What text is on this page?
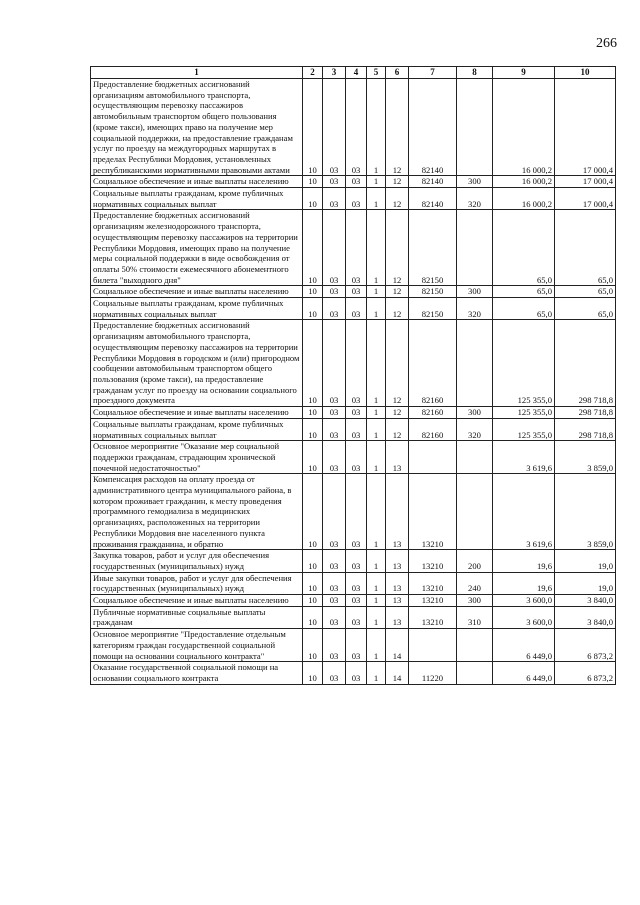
266
1	2	3	4	5	6	7	8	9	10
Предоставление бюджетных ассигнований организациям автомобильного транспорта, осуществляющим перевозку пассажиров автомобильным транспортом общего пользования (кроме такси), имеющих право на получение мер социальной поддержки, на предоставление гражданам услуг по проезду на междугородных маршрутах в пределах Республики Мордовия, установленных республиканскими нормативными правовыми актами	10	03	03	1	12	82140		16 000,2	17 000,4
Социальное обеспечение и иные выплаты населению	10	03	03	1	12	82140	300	16 000,2	17 000,4
Социальные выплаты гражданам, кроме публичных нормативных социальных выплат	10	03	03	1	12	82140	320	16 000,2	17 000,4
Предоставление бюджетных ассигнований организациям железнодорожного транспорта, осуществляющим перевозку пассажиров на территории Республики Мордовия, имеющих право на получение меры социальной поддержки в виде освобождения от оплаты 50% стоимости ежемесячного абонементного билета "выходного дня"	10	03	03	1	12	82150		65,0	65,0
Социальное обеспечение и иные выплаты населению	10	03	03	1	12	82150	300	65,0	65,0
Социальные выплаты гражданам, кроме публичных нормативных социальных выплат	10	03	03	1	12	82150	320	65,0	65,0
Предоставление бюджетных ассигнований организациям автомобильного транспорта, осуществляющим перевозку пассажиров на территории Республики Мордовия в городском и (или) пригородном сообщении автомобильным транспортом общего пользования (кроме такси), на предоставление гражданам услуг по проезду на основании социального проездного документа	10	03	03	1	12	82160		125 355,0	298 718,8
Социальное обеспечение и иные выплаты населению	10	03	03	1	12	82160	300	125 355,0	298 718,8
Социальные выплаты гражданам, кроме публичных нормативных социальных выплат	10	03	03	1	12	82160	320	125 355,0	298 718,8
Основное мероприятие "Оказание мер социальной поддержки гражданам, страдающим хронической почечной недостаточностью"	10	03	03	1	13			3 619,6	3 859,0
Компенсация расходов на оплату проезда от административного центра муниципального района, в котором проживает гражданин, к месту проведения программного гемодиализа в медицинских организациях, расположенных на территории Республики Мордовия вне населенного пункта проживания гражданина, и обратно	10	03	03	1	13	13210		3 619,6	3 859,0
Закупка товаров, работ и услуг для обеспечения государственных (муниципальных) нужд	10	03	03	1	13	13210	200	19,6	19,0
Иные закупки товаров, работ и услуг для обеспечения государственных (муниципальных) нужд	10	03	03	1	13	13210	240	19,6	19,0
Социальное обеспечение и иные выплаты населению	10	03	03	1	13	13210	300	3 600,0	3 840,0
Публичные нормативные социальные выплаты гражданам	10	03	03	1	13	13210	310	3 600,0	3 840,0
Основное мероприятие "Предоставление отдельным категориям граждан государственной социальной помощи на основании социального контракта"	10	03	03	1	14			6 449,0	6 873,2
Оказание государственной социальной помощи на основании социального контракта	10	03	03	1	14	11220		6 449,0	6 873,2
